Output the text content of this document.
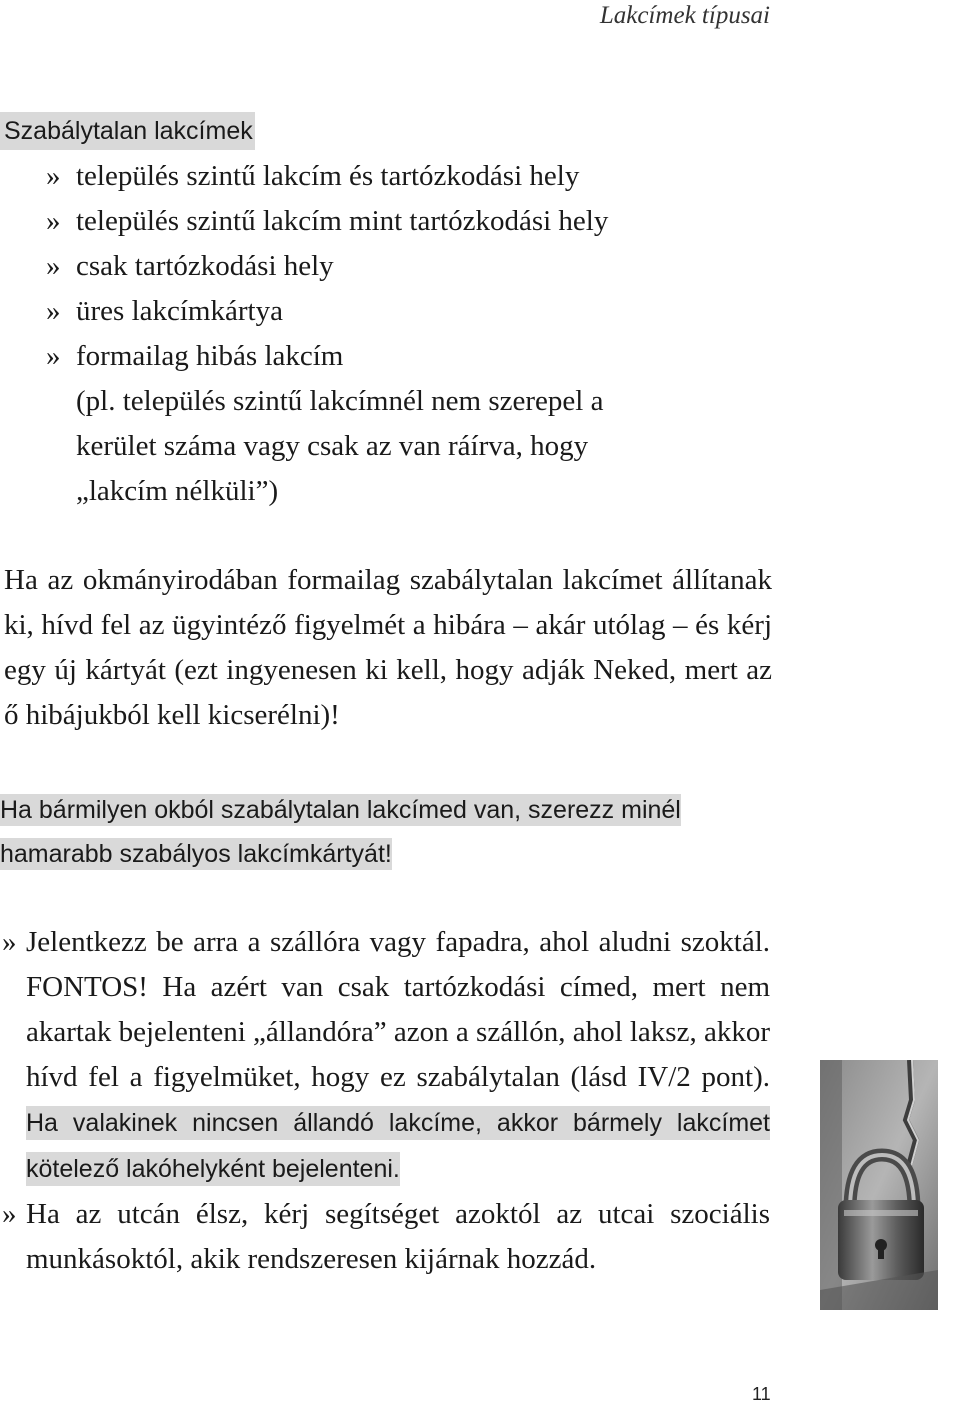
Lakcímek típusai
Szabálytalan lakcímek
» település szintű lakcím és tartózkodási hely
» település szintű lakcím mint tartózkodási hely
» csak tartózkodási hely
» üres lakcímkártya
» formailag hibás lakcím
(pl. település szintű lakcímnél nem szerepel a kerület száma vagy csak az van ráírva, hogy „lakcím nélküli”)

Ha az okmányirodában formailag szabálytalan lakcímet állítanak ki, hívd fel az ügyintéző figyelmét a hibára – akár utólag – és kérj egy új kártyát (ezt ingyenesen ki kell, hogy adják Neked, mert az ő hibájukból kell kicserélni)!

Ha bármilyen okból szabálytalan lakcímed van, szerezz minél
hamarabb szabályos lakcímkártyát!

» Jelentkezz be arra a szállóra vagy fapadra, ahol aludni szoktál. FONTOS! Ha azért van csak tartózkodási címed, mert nem akartak bejelenteni „állandóra” azon a szállón, ahol laksz, akkor hívd fel a figyelmüket, hogy ez szabálytalan (lásd IV/2 pont). Ha valakinek nincsen állandó lakcíme, akkor bármely lakcímet kötelező lakóhelyként bejelenteni.
» Ha az utcán élsz, kérj segítséget azoktól az utcai szociális munkásoktól, akik rendszeresen kijárnak hozzád.
11
